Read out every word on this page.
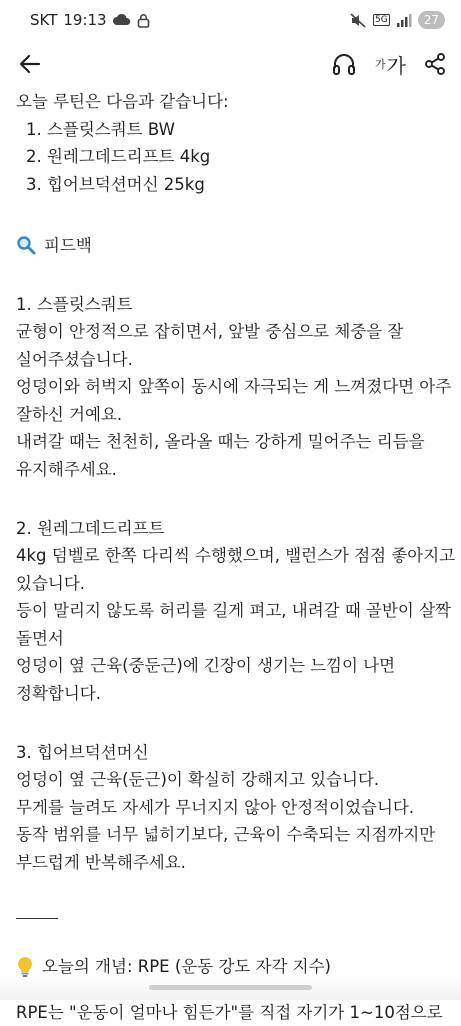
SKT 19:13	5G	27
가 가

오늘 루틴은 다음과 같습니다:

1. 스플릿스쿼트 BW

2. 원레그데드리프트 4kg

3. 힙어브덕션머신 25kg

피드백

1. 스플릿스쿼트

균형이 안정적으로 잡히면서, 앞발 중심으로 체중을 잘

실어주셨습니다.

엉덩이와 허벅지 앞쪽이 동시에 자극되는 게 느껴졌다면 아주

잘하신 거예요.

내려갈 때는 천천히, 올라올 때는 강하게 밀어주는 리듬을

유지해주세요.

2. 원레그데드리프트

4kg 덤벨로 한쪽 다리씩 수행했으며, 밸런스가 점점 좋아지고

있습니다.

등이 말리지 않도록 허리를 길게 펴고, 내려갈 때 골반이 살짝

돌면서

엉덩이 옆 근육(중둔근)에 긴장이 생기는 느낌이 나면

정확합니다.

3. 힙어브덕션머신

엉덩이 옆 근육(둔근)이 확실히 강해지고 있습니다.

무게를 늘려도 자세가 무너지지 않아 안정적이었습니다.

동작 범위를 너무 넓히기보다, 근육이 수축되는 지점까지만

부드럽게 반복해주세요.

오늘의 개념: RPE (운동 강도 자각 지수)

RPE는 "운동이 얼마나 힘든가"를 직접 자기가 1~10점으로
